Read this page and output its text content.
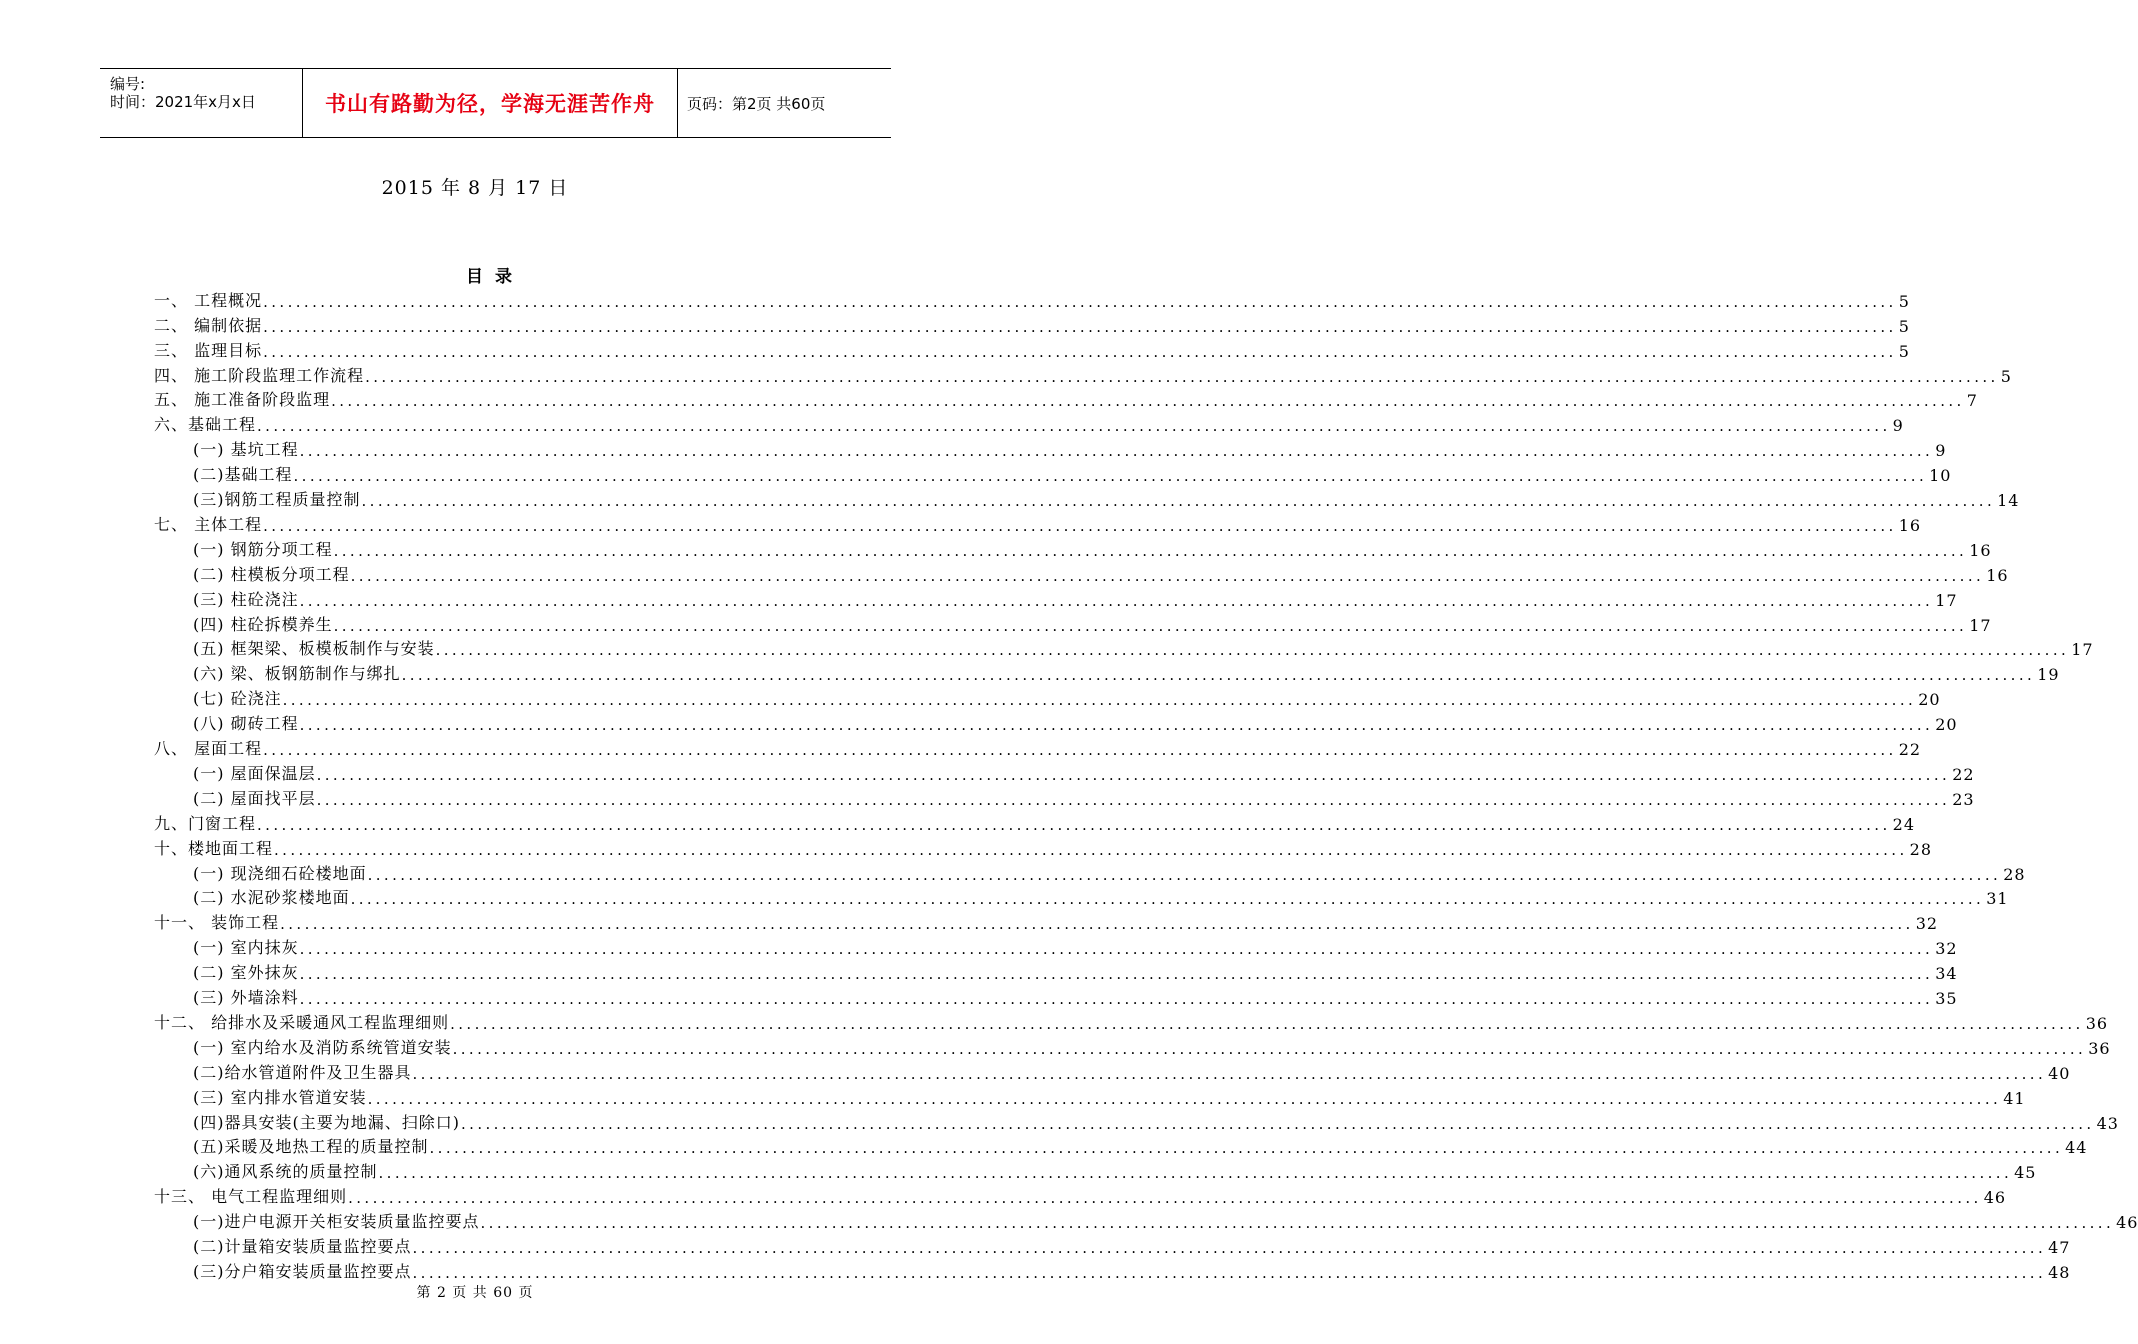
编号:
时间：2021年x月x日	书山有路勤为径，学海无涯苦作舟 页码：第2页 共60页
2015 年 8 月 17 日
目录
一、 工程概况 ........................................................................................................................................................................................................ 5
二、 编制依据 ........................................................................................................................................................................................................ 5
三、 监理目标 ........................................................................................................................................................................................................ 5
四、 施工阶段监理工作流程 ........................................................................................................................................................................................................ 5
五、 施工准备阶段监理 ........................................................................................................................................................................................................ 7
六、基础工程 ........................................................................................................................................................................................................ 9
(一) 基坑工程 ........................................................................................................................................................................................................ 9
(二)基础工程 ........................................................................................................................................................................................................ 10
(三)钢筋工程质量控制 ........................................................................................................................................................................................................ 14
七、 主体工程 ........................................................................................................................................................................................................ 16
(一) 钢筋分项工程 ........................................................................................................................................................................................................ 16
(二) 柱模板分项工程 ........................................................................................................................................................................................................ 16
(三) 柱砼浇注 ........................................................................................................................................................................................................ 17
(四) 柱砼拆模养生 ........................................................................................................................................................................................................ 17
(五) 框架梁、板模板制作与安装 ........................................................................................................................................................................................................ 17
(六) 梁、板钢筋制作与绑扎 ........................................................................................................................................................................................................ 19
(七) 砼浇注 ........................................................................................................................................................................................................ 20
(八) 砌砖工程 ........................................................................................................................................................................................................ 20
八、 屋面工程 ........................................................................................................................................................................................................ 22
(一) 屋面保温层 ........................................................................................................................................................................................................ 22
(二) 屋面找平层 ........................................................................................................................................................................................................ 23
九、门窗工程 ........................................................................................................................................................................................................ 24
十、楼地面工程 ........................................................................................................................................................................................................ 28
(一) 现浇细石砼楼地面 ........................................................................................................................................................................................................ 28
(二) 水泥砂浆楼地面 ........................................................................................................................................................................................................ 31
十一、 装饰工程 ........................................................................................................................................................................................................ 32
(一) 室内抹灰 ........................................................................................................................................................................................................ 32
(二) 室外抹灰 ........................................................................................................................................................................................................ 34
(三) 外墙涂料 ........................................................................................................................................................................................................ 35
十二、 给排水及采暖通风工程监理细则 ........................................................................................................................................................................................................ 36
(一) 室内给水及消防系统管道安装 ........................................................................................................................................................................................................ 36
(二)给水管道附件及卫生器具 ........................................................................................................................................................................................................ 40
(三) 室内排水管道安装 ........................................................................................................................................................................................................ 41
(四)器具安装(主要为地漏、扫除口) ........................................................................................................................................................................................................ 43
(五)采暖及地热工程的质量控制 ........................................................................................................................................................................................................ 44
(六)通风系统的质量控制 ........................................................................................................................................................................................................ 45
十三、 电气工程监理细则 ........................................................................................................................................................................................................ 46
(一)进户电源开关柜安装质量监控要点 ........................................................................................................................................................................................................ 46
(二)计量箱安装质量监控要点 ........................................................................................................................................................................................................ 47
(三)分户箱安装质量监控要点 ........................................................................................................................................................................................................ 48
第 2 页 共 60 页
